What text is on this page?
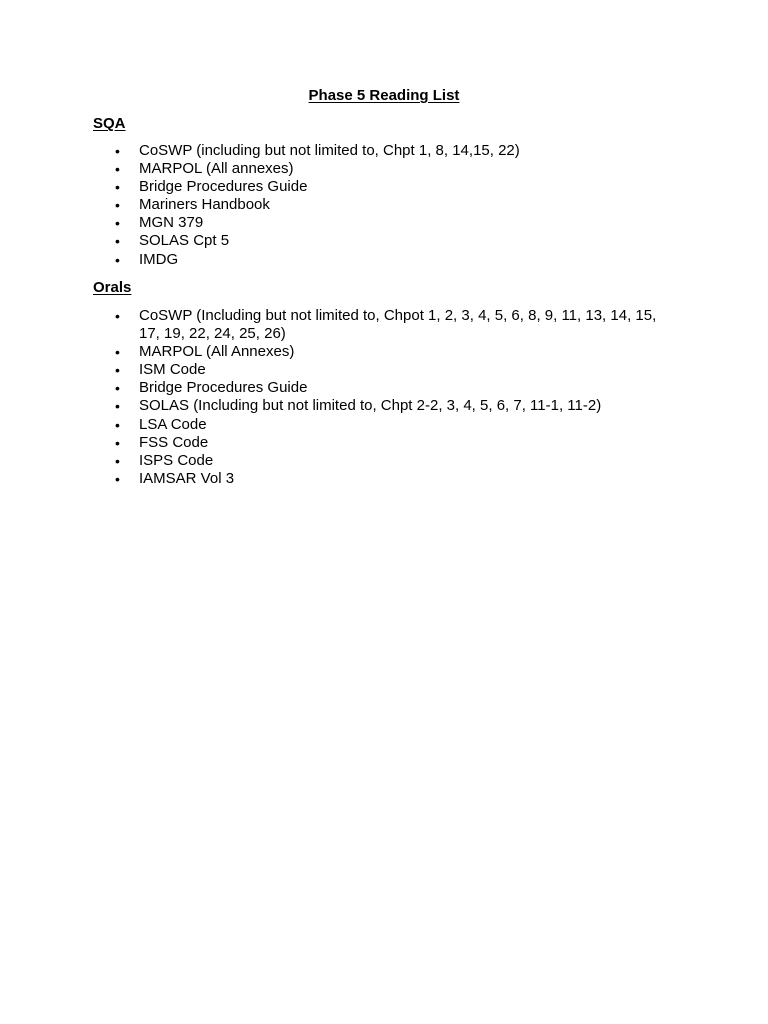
Phase 5 Reading List
SQA
•	CoSWP (including but not limited to, Chpt 1, 8, 14,15, 22)
•	MARPOL (All annexes)
•	Bridge Procedures Guide
•	Mariners Handbook
•	MGN 379
•	SOLAS Cpt 5
•	IMDG
Orals
•	CoSWP (Including but not limited to, Chpot 1, 2, 3, 4, 5, 6, 8, 9, 11, 13, 14, 15, 17, 19, 22, 24, 25, 26)
•	MARPOL (All Annexes)
•	ISM Code
•	Bridge Procedures Guide
•	SOLAS (Including but not limited to, Chpt 2-2, 3, 4, 5, 6, 7, 11-1, 11-2)
•	LSA Code
•	FSS Code
•	ISPS Code
•	IAMSAR Vol 3
